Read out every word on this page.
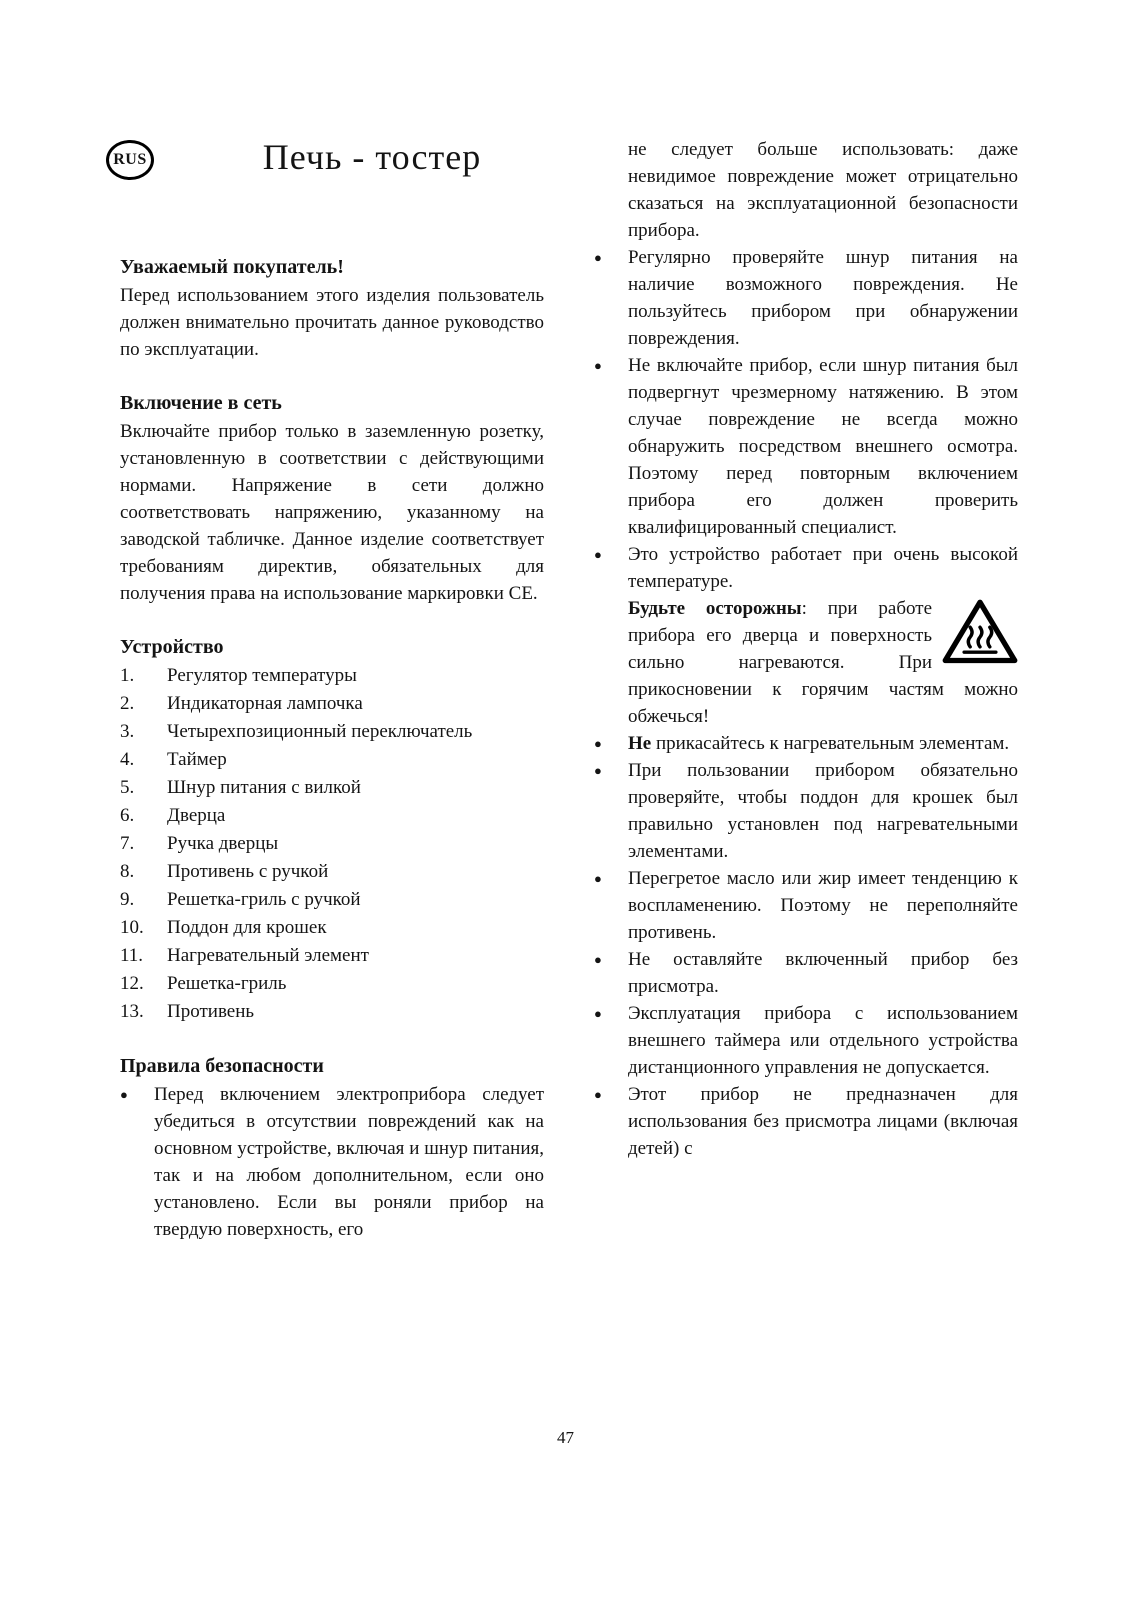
RUS	Печь - тостер
Уважаемый покупатель!

Перед использованием этого изделия пользователь должен внимательно прочитать данное руководство по эксплуатации.

Включение в сеть

Включайте прибор только в заземленную розетку, установленную в соответствии с действующими нормами. Напряжение в сети должно соответствовать напряжению, указанному на заводской табличке. Данное изделие соответствует требованиям директив, обязательных для получения права на использование маркировки СЕ.

Устройство
1.	Регулятор температуры
2.	Индикаторная лампочка
3.	Четырехпозиционный переключатель
4.	Таймер
5.	Шнур питания с вилкой
6.	Дверца
7.	Ручка дверцы
8.	Противень с ручкой
9.	Решетка-гриль с ручкой
10.	Поддон для крошек
11.	Нагревательный элемент
12.	Решетка-гриль
13.	Противень
Правила безопасности
●	Перед включением электроприбора следует убедиться в отсутствии повреждений как на основном устройстве, включая и шнур питания, так и на любом дополнительном, если оно установлено. Если вы роняли прибор на твердую поверхность, его

не следует больше использовать: даже невидимое повреждение может отрицательно сказаться на эксплуатационной безопасности прибора.

●	Регулярно проверяйте шнур питания на наличие возможного повреждения. Не пользуйтесь прибором при обнаружении повреждения.
●	Не включайте прибор, если шнур питания был подвергнут чрезмерному натяжению. В этом случае повреждение не всегда можно обнаружить посредством внешнего осмотра. Поэтому перед повторным включением прибора его должен проверить квалифицированный специалист.
●	Это устройство работает при очень высокой температуре.
Будьте осторожны: при работе прибора его дверца и поверхность сильно нагреваются. При прикосновении к горячим частям можно обжечься!
●	Не прикасайтесь к нагревательным элементам.
●	При пользовании прибором обязательно проверяйте, чтобы поддон для крошек был правильно установлен под нагревательными элементами.
●	Перегретое масло или жир имеет тенденцию к воспламенению. Поэтому не переполняйте противень.
●	Не оставляйте включенный прибор без присмотра.
●	Эксплуатация прибора с использованием внешнего таймера или отдельного устройства дистанционного управления не допускается.
●	Этот прибор не предназначен для использования без присмотра лицами (включая детей) с
47
